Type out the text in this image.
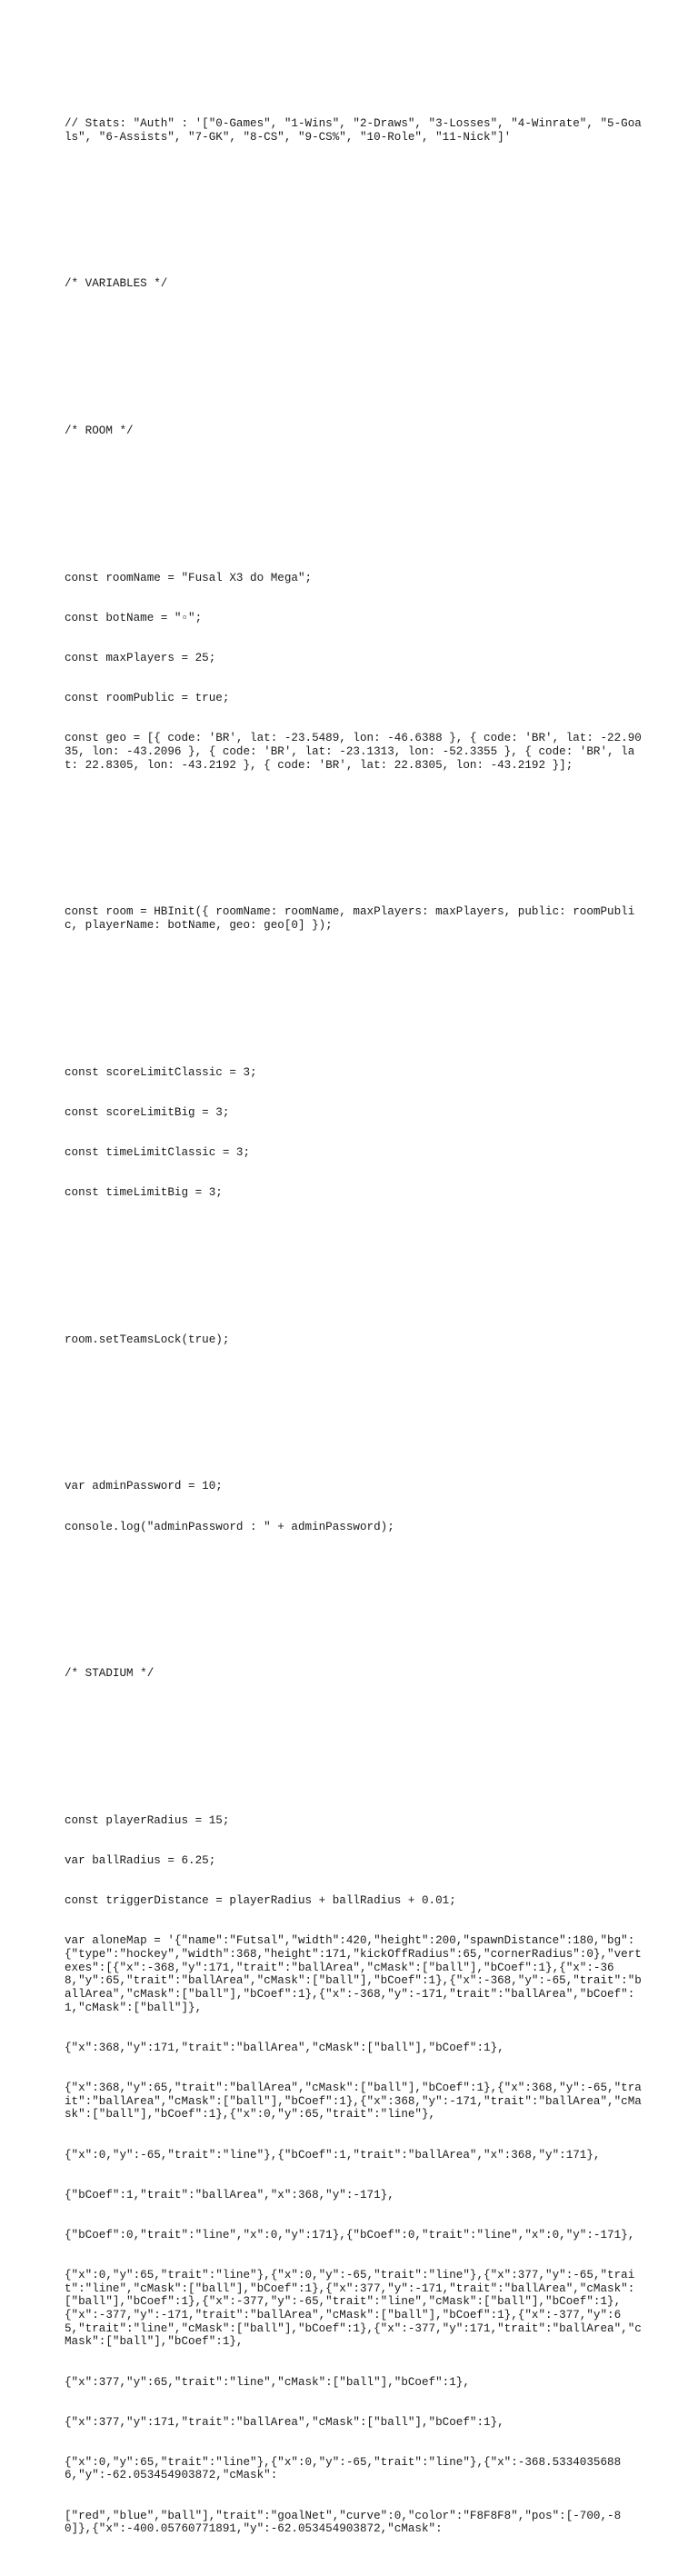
// Stats: "Auth" : '["0-Games", "1-Wins", "2-Draws", "3-Losses", "4-Winrate", "5-Goals", "6-Assists", "7-GK", "8-CS", "9-CS%", "10-Role", "11-Nick"]'

/* VARIABLES */

/* ROOM */

const roomName = "Fusal X3 do Mega";

const botName = "▫";

const maxPlayers = 25;

const roomPublic = true;

const geo = [{ code: 'BR', lat: -23.5489, lon: -46.6388 }, { code: 'BR', lat: -22.9035, lon: -43.2096 }, { code: 'BR', lat: -23.1313, lon: -52.3355 }, { code: 'BR', lat: 22.8305, lon: -43.2192 }, { code: 'BR', lat: 22.8305, lon: -43.2192 }];

const room = HBInit({ roomName: roomName, maxPlayers: maxPlayers, public: roomPublic, playerName: botName, geo: geo[0] });

const scoreLimitClassic = 3;

const scoreLimitBig = 3;

const timeLimitClassic = 3;

const timeLimitBig = 3;

room.setTeamsLock(true);

var adminPassword = 10;

console.log("adminPassword : " + adminPassword);

/* STADIUM */

const playerRadius = 15;

var ballRadius = 6.25;

const triggerDistance = playerRadius + ballRadius + 0.01;

var aloneMap = '{"name":"Futsal","width":420,"height":200,"spawnDistance":180,"bg":{"type":"hockey","width":368,"height":171,"kickOffRadius":65,"cornerRadius":0},"vertexes":[{"x":-368,"y":171,"trait":"ballArea","cMask":["ball"],"bCoef":1},{"x":-368,"y":65,"trait":"ballArea","cMask":["ball"],"bCoef":1},{"x":-368,"y":-65,"trait":"ballArea","cMask":["ball"],"bCoef":1},{"x":-368,"y":-171,"trait":"ballArea","bCoef":1,"cMask":["ball"]},

{"x":368,"y":171,"trait":"ballArea","cMask":["ball"],"bCoef":1},

{"x":368,"y":65,"trait":"ballArea","cMask":["ball"],"bCoef":1},{"x":368,"y":-65,"trait":"ballArea","cMask":["ball"],"bCoef":1},{"x":368,"y":-171,"trait":"ballArea","cMask":["ball"],"bCoef":1},{"x":0,"y":65,"trait":"line"},

{"x":0,"y":-65,"trait":"line"},{"bCoef":1,"trait":"ballArea","x":368,"y":171},

{"bCoef":1,"trait":"ballArea","x":368,"y":-171},

{"bCoef":0,"trait":"line","x":0,"y":171},{"bCoef":0,"trait":"line","x":0,"y":-171},

{"x":0,"y":65,"trait":"line"},{"x":0,"y":-65,"trait":"line"},{"x":377,"y":-65,"trait":"line","cMask":["ball"],"bCoef":1},{"x":377,"y":-171,"trait":"ballArea","cMask":["ball"],"bCoef":1},{"x":-377,"y":-65,"trait":"line","cMask":["ball"],"bCoef":1},{"x":-377,"y":-171,"trait":"ballArea","cMask":["ball"],"bCoef":1},{"x":-377,"y":65,"trait":"line","cMask":["ball"],"bCoef":1},{"x":-377,"y":171,"trait":"ballArea","cMask":["ball"],"bCoef":1},

{"x":377,"y":65,"trait":"line","cMask":["ball"],"bCoef":1},

{"x":377,"y":171,"trait":"ballArea","cMask":["ball"],"bCoef":1},

{"x":0,"y":65,"trait":"line"},{"x":0,"y":-65,"trait":"line"},{"x":-368.53340356886,"y":-62.053454903872,"cMask":

["red","blue","ball"],"trait":"goalNet","curve":0,"color":"F8F8F8","pos":[-700,-80]},{"x":-400.05760771891,"y":-62.053454903872,"cMask":
